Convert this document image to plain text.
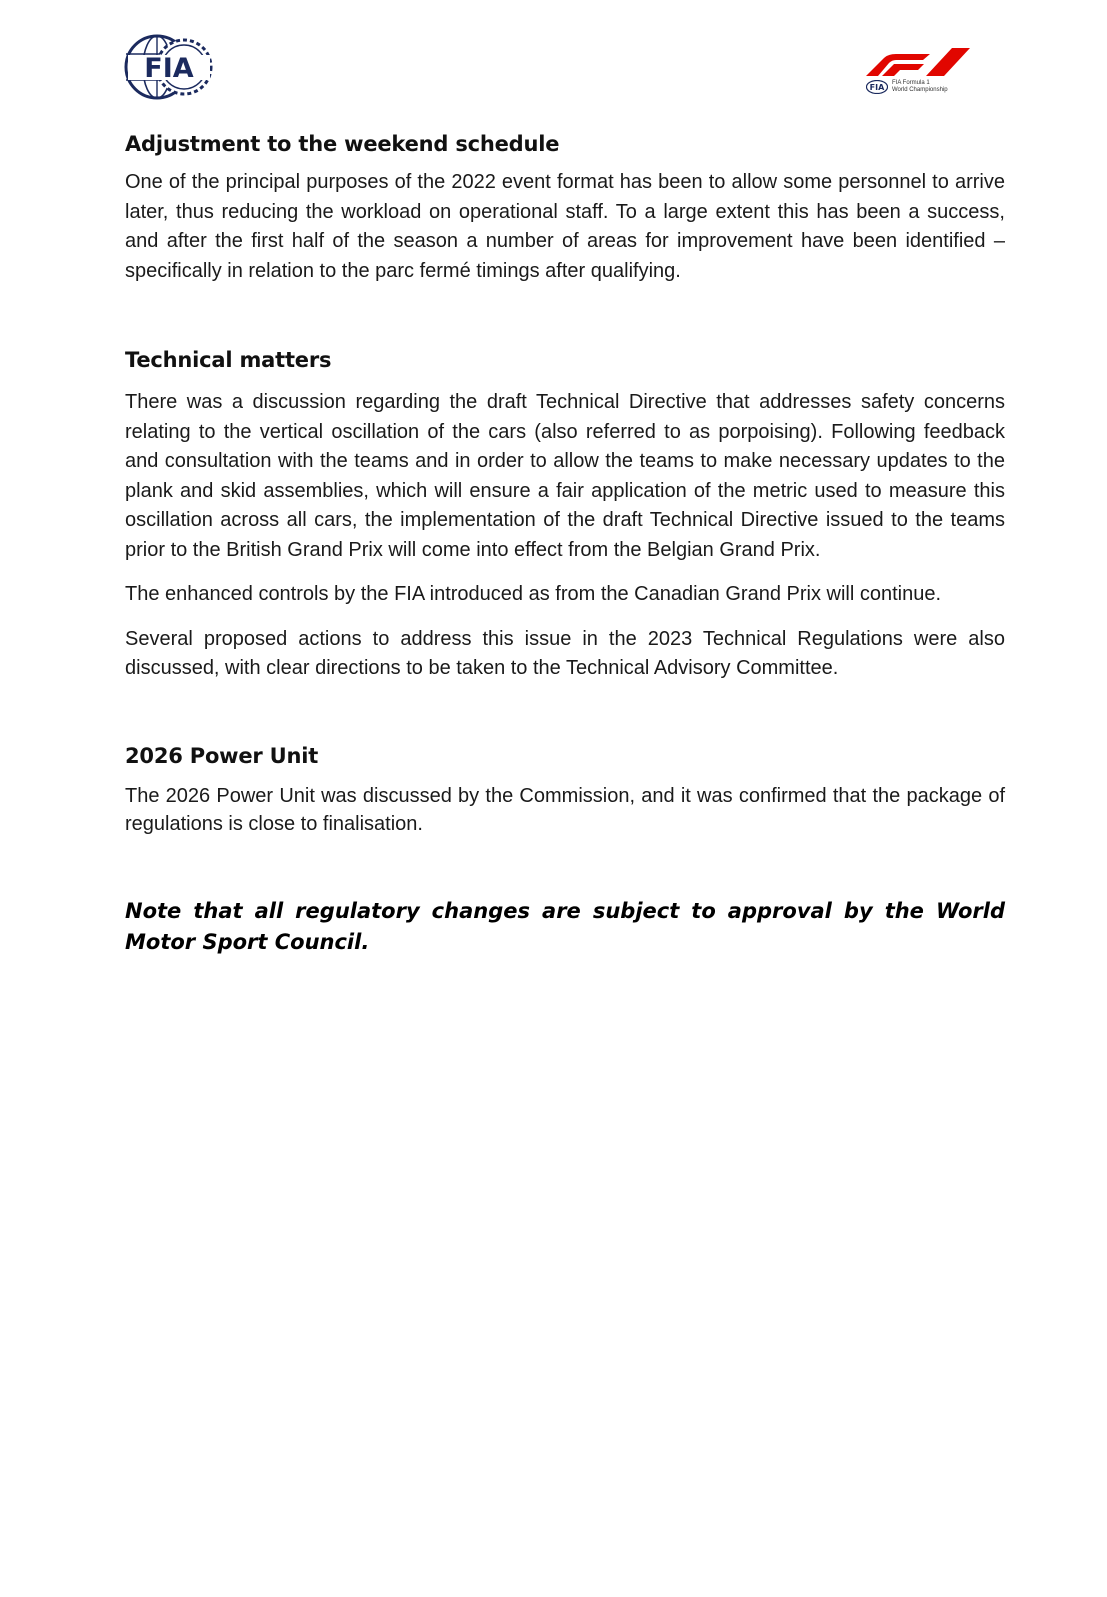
FIA
FIA FIA Formula 1
World Championship
Adjustment to the weekend schedule

One of the principal purposes of the 2022 event format has been to allow some personnel to arrive later, thus reducing the workload on operational staff. To a large extent this has been a success, and after the first half of the season a number of areas for improvement have been identified – specifically in relation to the parc fermé timings after qualifying.

Technical matters

There was a discussion regarding the draft Technical Directive that addresses safety concerns relating to the vertical oscillation of the cars (also referred to as porpoising). Following feedback and consultation with the teams and in order to allow the teams to make necessary updates to the plank and skid assemblies, which will ensure a fair application of the metric used to measure this oscillation across all cars, the implementation of the draft Technical Directive issued to the teams prior to the British Grand Prix will come into effect from the Belgian Grand Prix.

The enhanced controls by the FIA introduced as from the Canadian Grand Prix will continue.

Several proposed actions to address this issue in the 2023 Technical Regulations were also discussed, with clear directions to be taken to the Technical Advisory Committee.

2026 Power Unit

The 2026 Power Unit was discussed by the Commission, and it was confirmed that the package of regulations is close to finalisation.

Note that all regulatory changes are subject to approval by the World Motor Sport Council.
